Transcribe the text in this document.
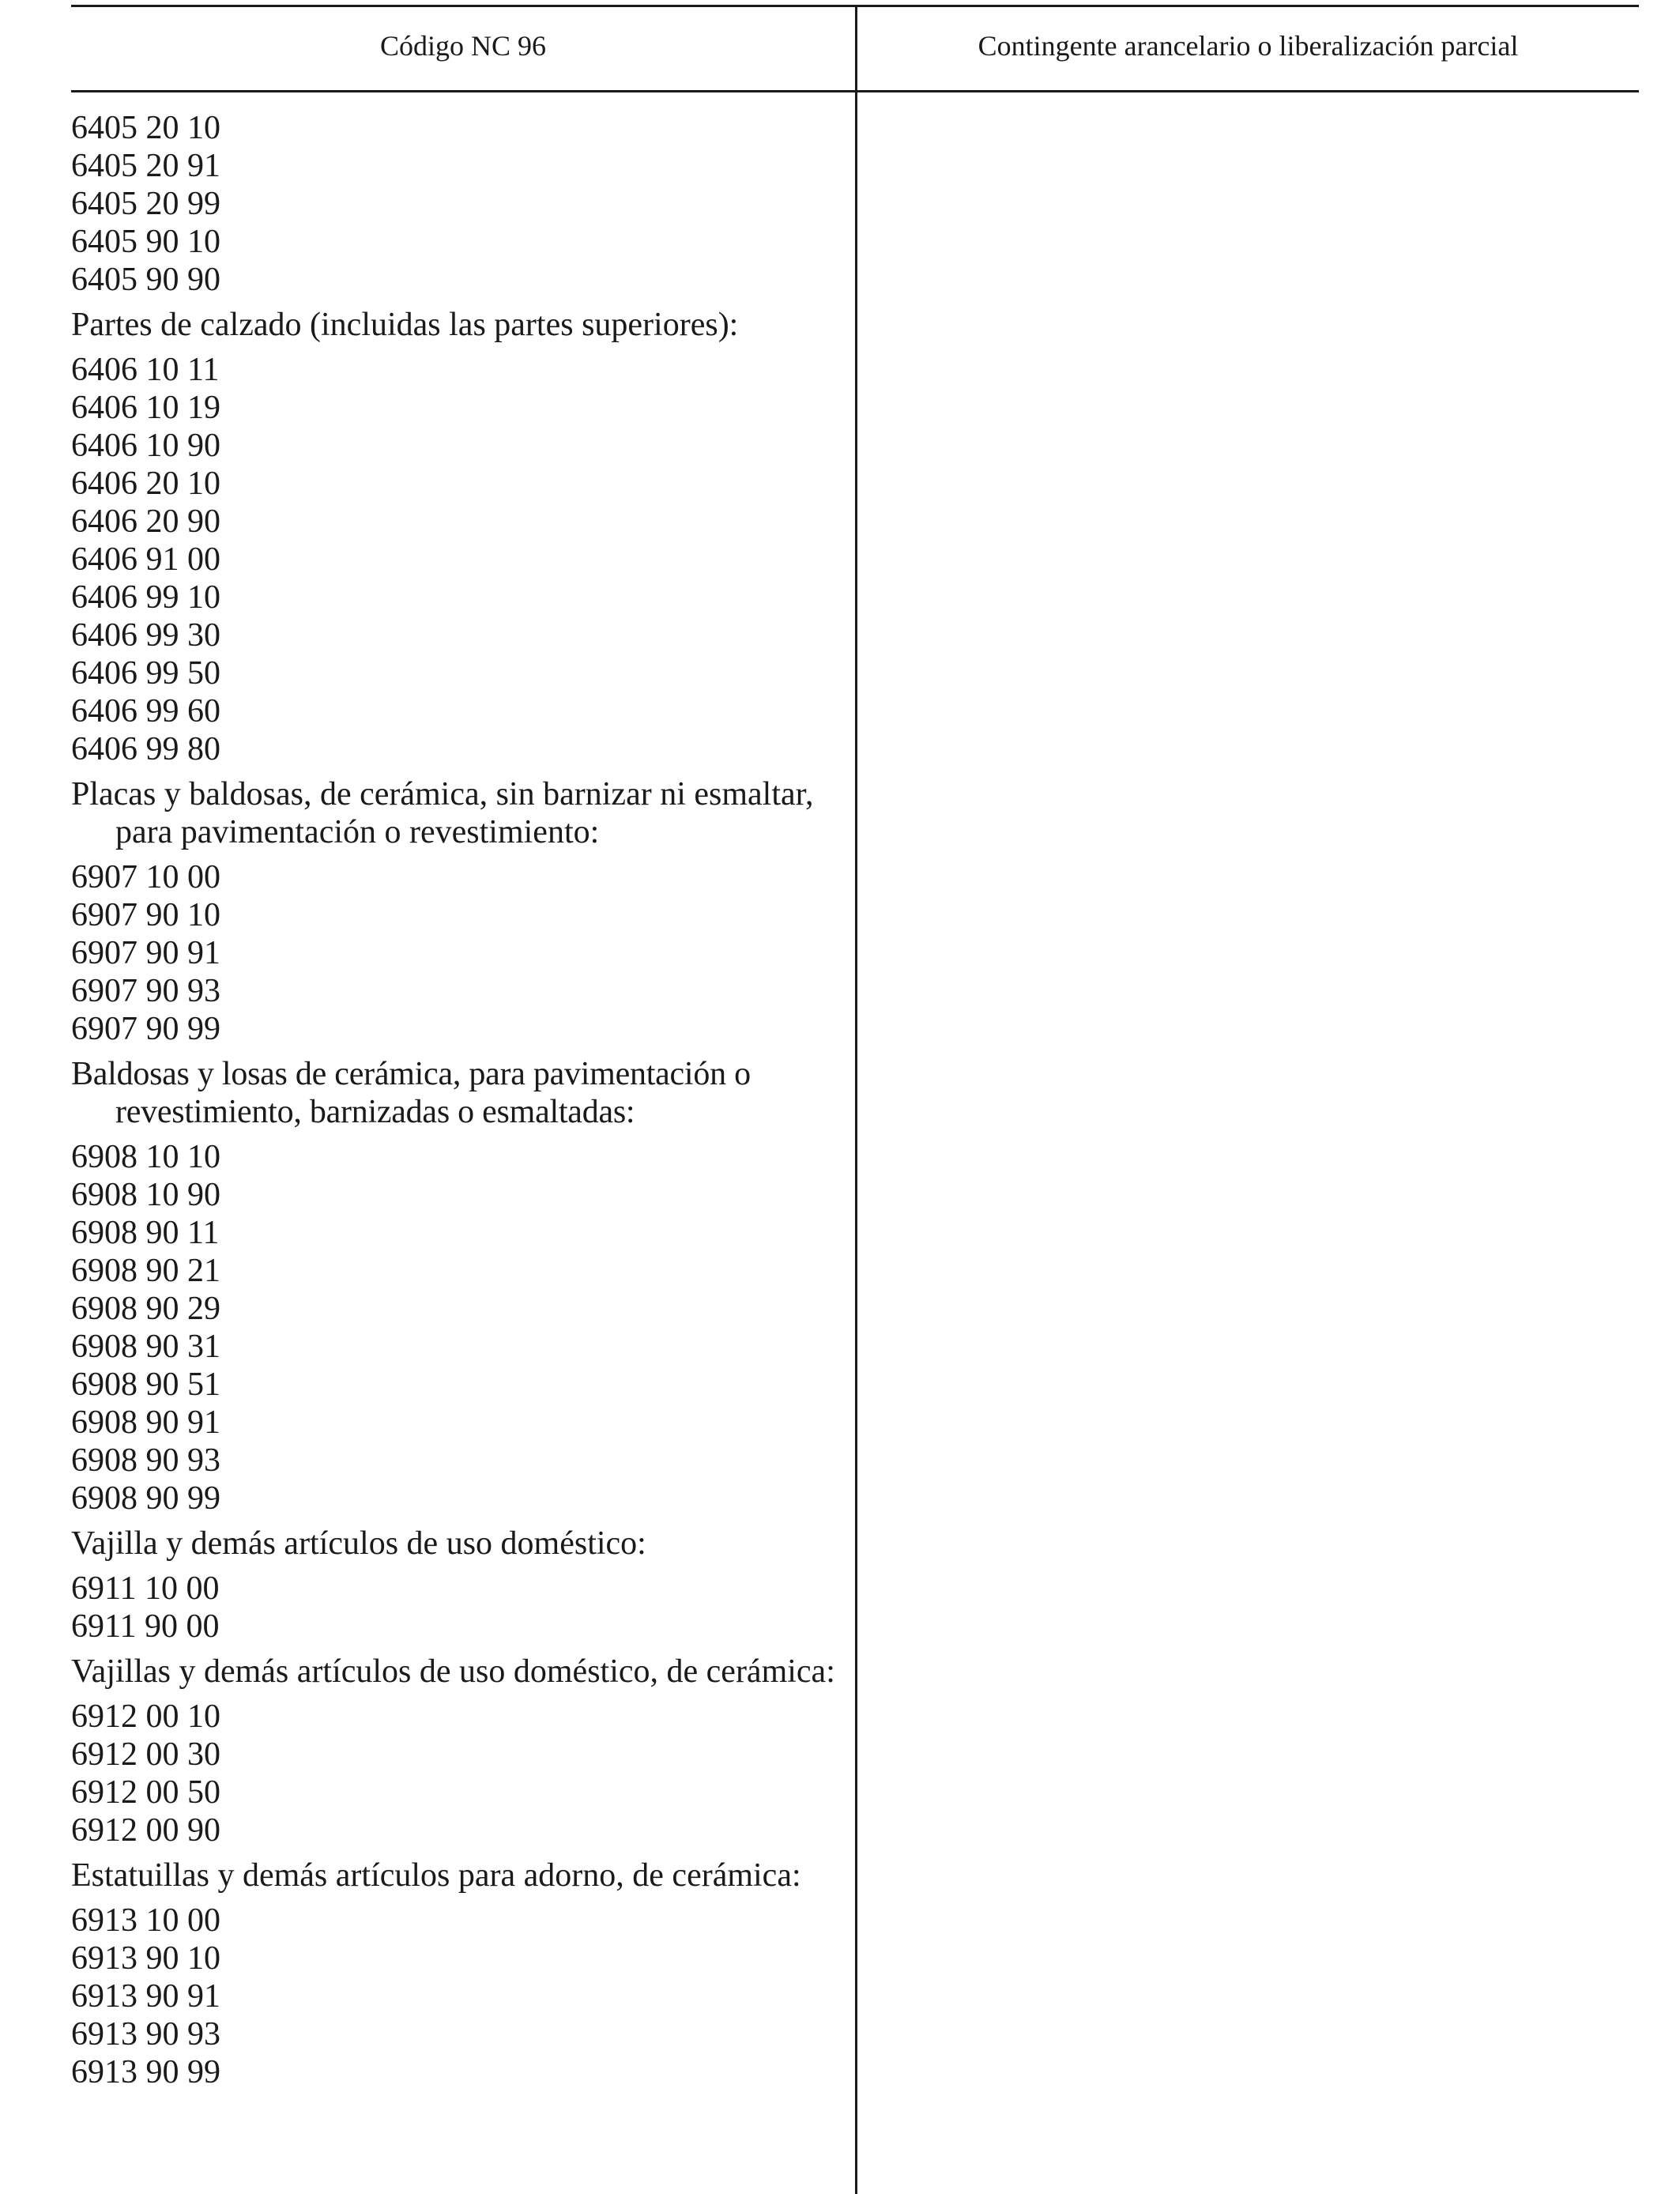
Código NC 96	Contingente arancelario o liberalización parcial

6405 20 10

6405 20 91

6405 20 99

6405 90 10

6405 90 90

Partes de calzado (incluidas las partes superiores):

6406 10 11

6406 10 19

6406 10 90

6406 20 10

6406 20 90

6406 91 00

6406 99 10

6406 99 30

6406 99 50

6406 99 60

6406 99 80

Placas y baldosas, de cerámica, sin barnizar ni esmaltar, para pavimentación o revestimiento:

6907 10 00

6907 90 10

6907 90 91

6907 90 93

6907 90 99

Baldosas y losas de cerámica, para pavimentación o revestimiento, barnizadas o esmaltadas:

6908 10 10

6908 10 90

6908 90 11

6908 90 21

6908 90 29

6908 90 31

6908 90 51

6908 90 91

6908 90 93

6908 90 99

Vajilla y demás artículos de uso doméstico:

6911 10 00

6911 90 00

Vajillas y demás artículos de uso doméstico, de cerámica:

6912 00 10

6912 00 30

6912 00 50

6912 00 90

Estatuillas y demás artículos para adorno, de cerámica:

6913 10 00

6913 90 10

6913 90 91

6913 90 93

6913 90 99
